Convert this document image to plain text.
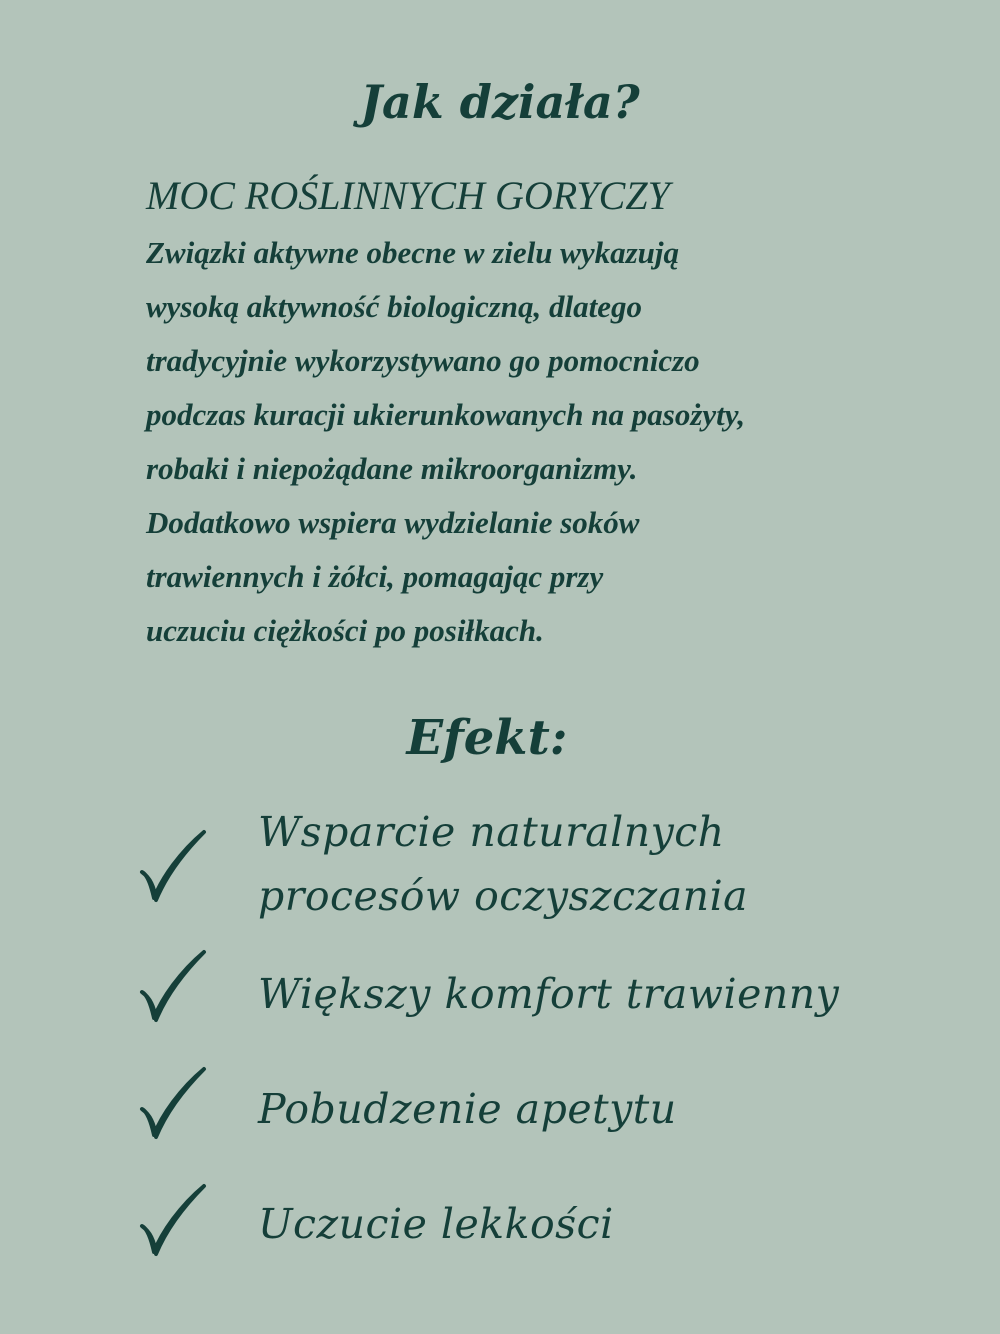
Jak działa?
MOC ROŚLINNYCH GORYCZY
Związki aktywne obecne w zielu wykazują
wysoką aktywność biologiczną, dlatego
tradycyjnie wykorzystywano go pomocniczo
podczas kuracji ukierunkowanych na pasożyty,
robaki i niepożądane mikroorganizmy.
Dodatkowo wspiera wydzielanie soków
trawiennych i żółci, pomagając przy
uczuciu ciężkości po posiłkach.
Efekt:
Wsparcie naturalnych
procesów oczyszczania
Większy komfort trawienny
Pobudzenie apetytu
Uczucie lekkości
